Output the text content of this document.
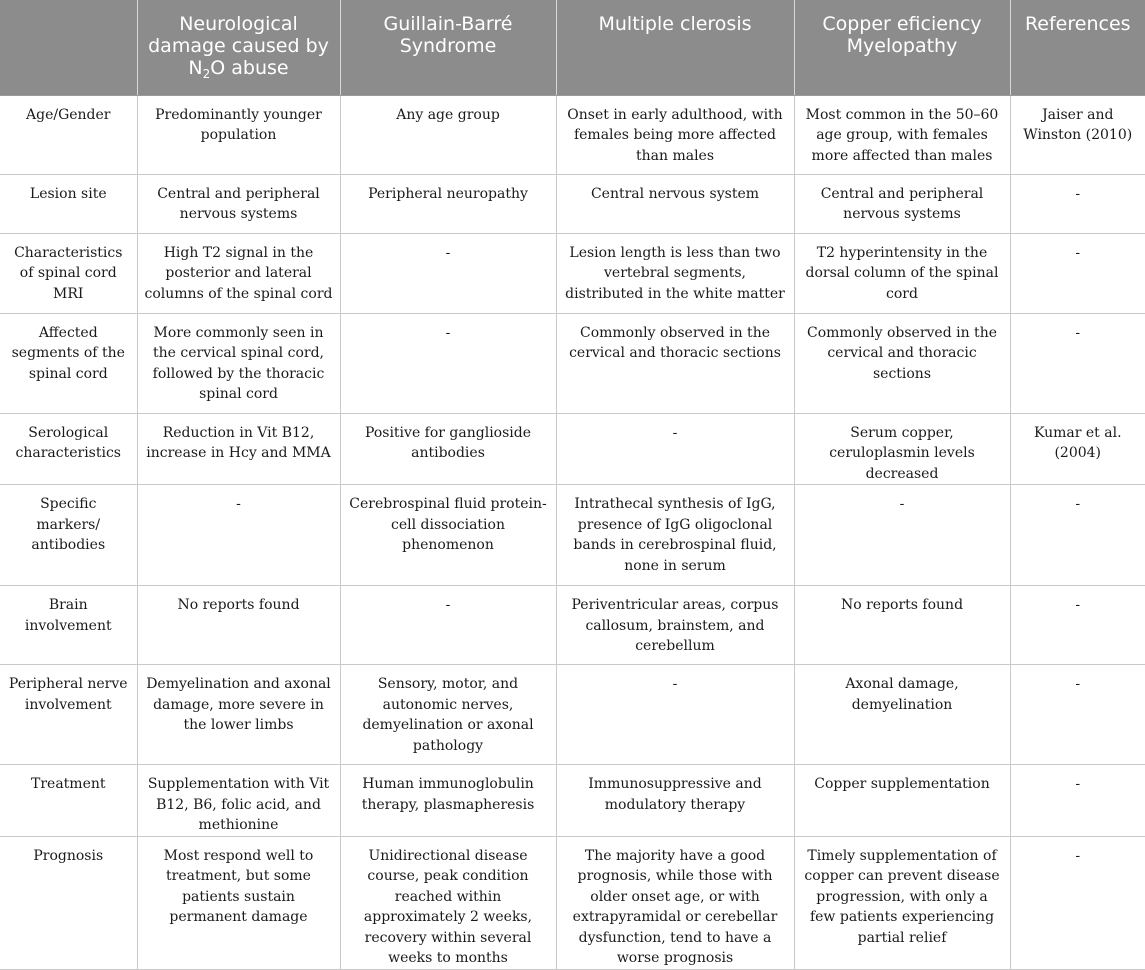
	Neurological damage caused by $N_2O$ abuse	Guillain-Barré Syndrome	Multiple clerosis	Copper eficiency Myelopathy	References
Age/Gender	Predominantly younger population	Any age group	Onset in early adulthood, with females being more affected than males	Most common in the 50–60 age group, with females more affected than males	Jaiser and Winston (2010)
Lesion site	Central and peripheral nervous systems	Peripheral neuropathy	Central nervous system	Central and peripheral nervous systems	-
Characteristics of spinal cord MRI	High T2 signal in the posterior and lateral columns of the spinal cord	-	Lesion length is less than two vertebral segments, distributed in the white matter	T2 hyperintensity in the dorsal column of the spinal cord	-
Affected segments of the spinal cord	More commonly seen in the cervical spinal cord, followed by the thoracic spinal cord	-	Commonly observed in the cervical and thoracic sections	Commonly observed in the cervical and thoracic sections	-
Serological characteristics	Reduction in Vit B12, increase in Hcy and MMA	Positive for ganglioside antibodies	-	Serum copper, ceruloplasmin levels decreased	Kumar et al. (2004)
Specific markers/ antibodies	-	Cerebrospinal fluid protein-cell dissociation phenomenon	Intrathecal synthesis of IgG, presence of IgG oligoclonal bands in cerebrospinal fluid, none in serum	-	-
Brain involvement	No reports found	-	Periventricular areas, corpus callosum, brainstem, and cerebellum	No reports found	-
Peripheral nerve involvement	Demyelination and axonal damage, more severe in the lower limbs	Sensory, motor, and autonomic nerves, demyelination or axonal pathology	-	Axonal damage, demyelination	-
Treatment	Supplementation with Vit B12, B6, folic acid, and methionine	Human immunoglobulin therapy, plasmapheresis	Immunosuppressive and modulatory therapy	Copper supplementation	-
Prognosis	Most respond well to treatment, but some patients sustain permanent damage	Unidirectional disease course, peak condition reached within approximately 2 weeks, recovery within several weeks to months	The majority have a good prognosis, while those with older onset age, or with extrapyramidal or cerebellar dysfunction, tend to have a worse prognosis	Timely supplementation of copper can prevent disease progression, with only a few patients experiencing partial relief	-
